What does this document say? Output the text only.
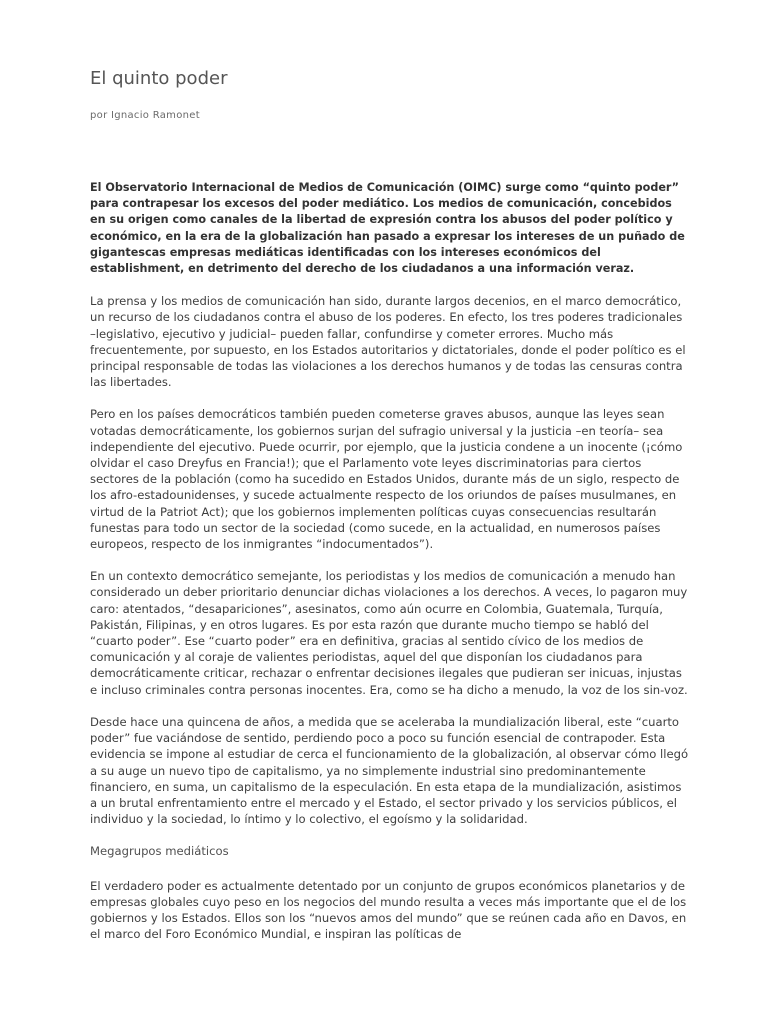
El quinto poder
por Ignacio Ramonet

El Observatorio Internacional de Medios de Comunicación (OIMC) surge como “quinto poder” para contrapesar los excesos del poder mediático. Los medios de comunicación, concebidos en su origen como canales de la libertad de expresión contra los abusos del poder político y económico, en la era de la globalización han pasado a expresar los intereses de un puñado de gigantescas empresas mediáticas identificadas con los intereses económicos del establishment, en detrimento del derecho de los ciudadanos a una información veraz.

La prensa y los medios de comunicación han sido, durante largos decenios, en el marco democrático, un recurso de los ciudadanos contra el abuso de los poderes. En efecto, los tres poderes tradicionales –legislativo, ejecutivo y judicial– pueden fallar, confundirse y cometer errores. Mucho más frecuentemente, por supuesto, en los Estados autoritarios y dictatoriales, donde el poder político es el principal responsable de todas las violaciones a los derechos humanos y de todas las censuras contra las libertades.

Pero en los países democráticos también pueden cometerse graves abusos, aunque las leyes sean votadas democráticamente, los gobiernos surjan del sufragio universal y la justicia –en teoría– sea independiente del ejecutivo. Puede ocurrir, por ejemplo, que la justicia condene a un inocente (¡cómo olvidar el caso Dreyfus en Francia!); que el Parlamento vote leyes discriminatorias para ciertos sectores de la población (como ha sucedido en Estados Unidos, durante más de un siglo, respecto de los afro-estadounidenses, y sucede actualmente respecto de los oriundos de países musulmanes, en virtud de la Patriot Act); que los gobiernos implementen políticas cuyas consecuencias resultarán funestas para todo un sector de la sociedad (como sucede, en la actualidad, en numerosos países europeos, respecto de los inmigrantes “indocumentados”).

En un contexto democrático semejante, los periodistas y los medios de comunicación a menudo han considerado un deber prioritario denunciar dichas violaciones a los derechos. A veces, lo pagaron muy caro: atentados, “desapariciones”, asesinatos, como aún ocurre en Colombia, Guatemala, Turquía, Pakistán, Filipinas, y en otros lugares. Es por esta razón que durante mucho tiempo se habló del “cuarto poder”. Ese “cuarto poder” era en definitiva, gracias al sentido cívico de los medios de comunicación y al coraje de valientes periodistas, aquel del que disponían los ciudadanos para democráticamente criticar, rechazar o enfrentar decisiones ilegales que pudieran ser inicuas, injustas e incluso criminales contra personas inocentes. Era, como se ha dicho a menudo, la voz de los sin-voz.

Desde hace una quincena de años, a medida que se aceleraba la mundialización liberal, este “cuarto poder” fue vaciándose de sentido, perdiendo poco a poco su función esencial de contrapoder. Esta evidencia se impone al estudiar de cerca el funcionamiento de la globalización, al observar cómo llegó a su auge un nuevo tipo de capitalismo, ya no simplemente industrial sino predominantemente financiero, en suma, un capitalismo de la especulación. En esta etapa de la mundialización, asistimos a un brutal enfrentamiento entre el mercado y el Estado, el sector privado y los servicios públicos, el individuo y la sociedad, lo íntimo y lo colectivo, el egoísmo y la solidaridad.

Megagrupos mediáticos

El verdadero poder es actualmente detentado por un conjunto de grupos económicos planetarios y de empresas globales cuyo peso en los negocios del mundo resulta a veces más importante que el de los gobiernos y los Estados. Ellos son los “nuevos amos del mundo” que se reúnen cada año en Davos, en el marco del Foro Económico Mundial, e inspiran las políticas de
